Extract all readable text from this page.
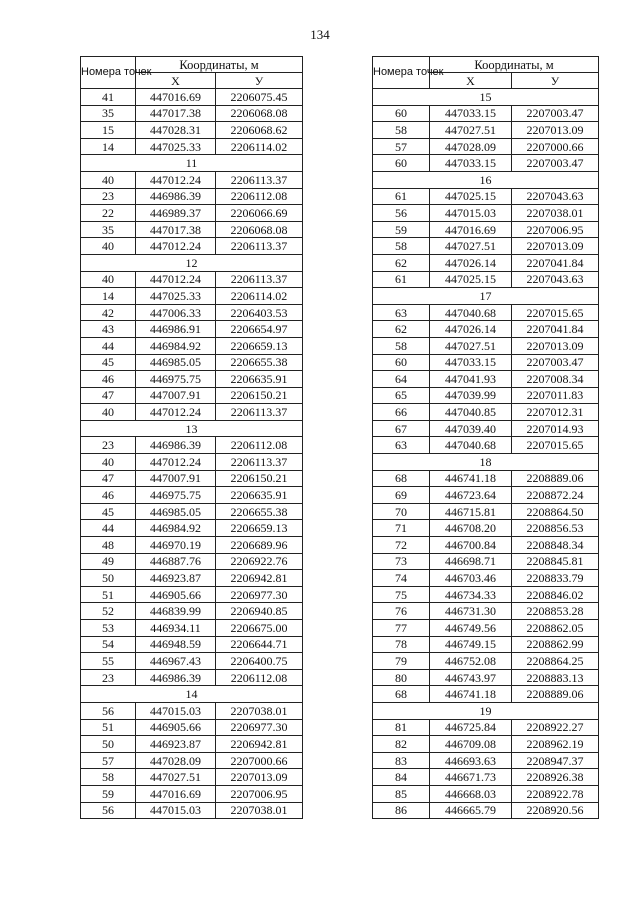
134
Номера точек	Координаты, м	
	Х	У
41	447016.69	2206075.45
35	447017.38	2206068.08
15	447028.31	2206068.62
14	447025.33	2206114.02
11		
40	447012.24	2206113.37
23	446986.39	2206112.08
22	446989.37	2206066.69
35	447017.38	2206068.08
40	447012.24	2206113.37
12		
40	447012.24	2206113.37
14	447025.33	2206114.02
42	447006.33	2206403.53
43	446986.91	2206654.97
44	446984.92	2206659.13
45	446985.05	2206655.38
46	446975.75	2206635.91
47	447007.91	2206150.21
40	447012.24	2206113.37
13		
23	446986.39	2206112.08
40	447012.24	2206113.37
47	447007.91	2206150.21
46	446975.75	2206635.91
45	446985.05	2206655.38
44	446984.92	2206659.13
48	446970.19	2206689.96
49	446887.76	2206922.76
50	446923.87	2206942.81
51	446905.66	2206977.30
52	446839.99	2206940.85
53	446934.11	2206675.00
54	446948.59	2206644.71
55	446967.43	2206400.75
23	446986.39	2206112.08
14		
56	447015.03	2207038.01
51	446905.66	2206977.30
50	446923.87	2206942.81
57	447028.09	2207000.66
58	447027.51	2207013.09
59	447016.69	2207006.95
56	447015.03	2207038.01
Номера точек	Координаты, м	
	Х	У
15		
60	447033.15	2207003.47
58	447027.51	2207013.09
57	447028.09	2207000.66
60	447033.15	2207003.47
16		
61	447025.15	2207043.63
56	447015.03	2207038.01
59	447016.69	2207006.95
58	447027.51	2207013.09
62	447026.14	2207041.84
61	447025.15	2207043.63
17		
63	447040.68	2207015.65
62	447026.14	2207041.84
58	447027.51	2207013.09
60	447033.15	2207003.47
64	447041.93	2207008.34
65	447039.99	2207011.83
66	447040.85	2207012.31
67	447039.40	2207014.93
63	447040.68	2207015.65
18		
68	446741.18	2208889.06
69	446723.64	2208872.24
70	446715.81	2208864.50
71	446708.20	2208856.53
72	446700.84	2208848.34
73	446698.71	2208845.81
74	446703.46	2208833.79
75	446734.33	2208846.02
76	446731.30	2208853.28
77	446749.56	2208862.05
78	446749.15	2208862.99
79	446752.08	2208864.25
80	446743.97	2208883.13
68	446741.18	2208889.06
19		
81	446725.84	2208922.27
82	446709.08	2208962.19
83	446693.63	2208947.37
84	446671.73	2208926.38
85	446668.03	2208922.78
86	446665.79	2208920.56
